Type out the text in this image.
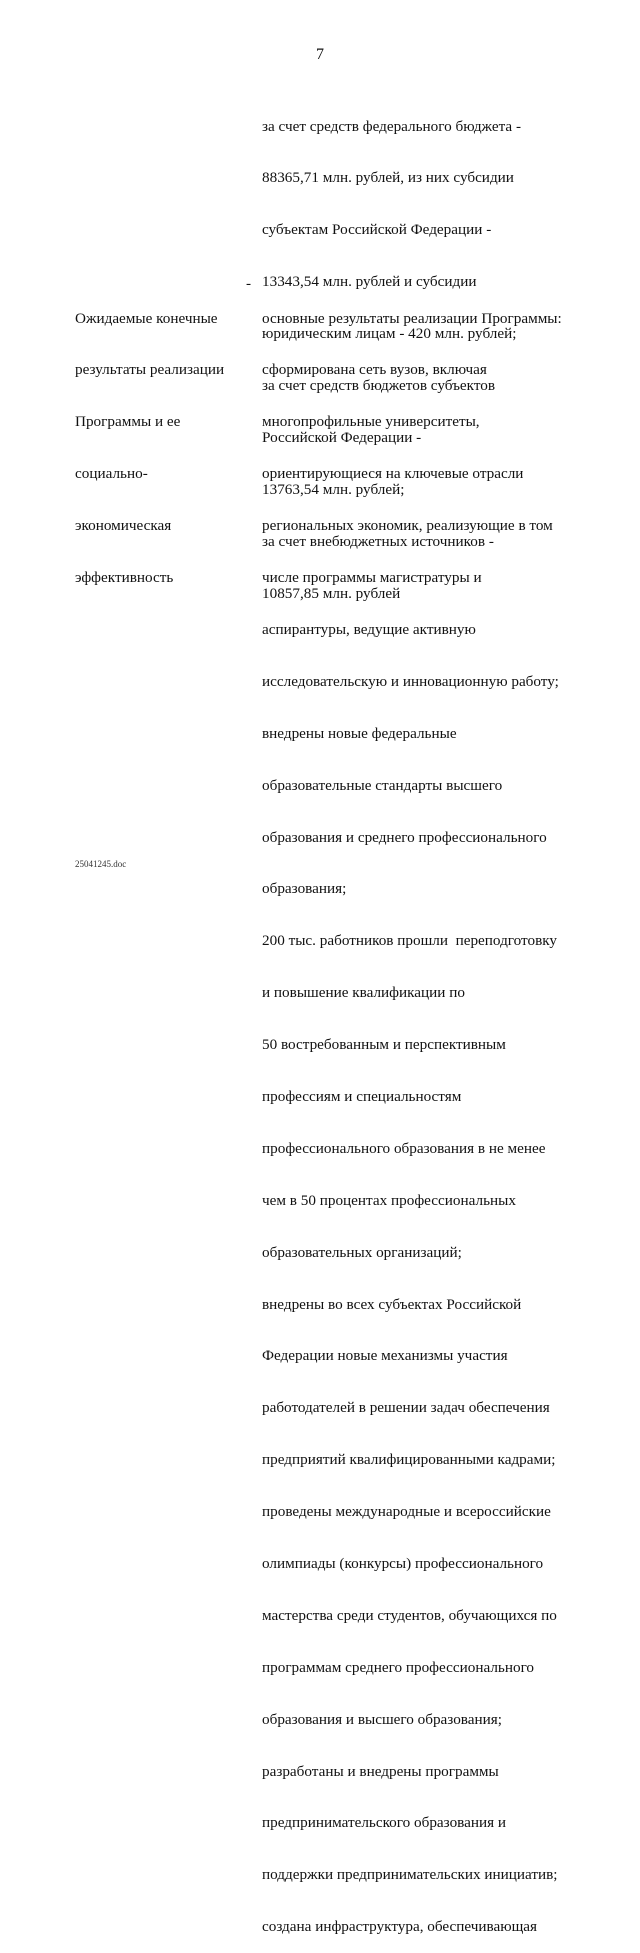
7

за счет средств федерального бюджета -

88365,71 млн. рублей, из них субсидии

субъектам Российской Федерации -

13343,54 млн. рублей и субсидии

юридическим лицам - 420 млн. рублей;

за счет средств бюджетов субъектов

Российской Федерации -

13763,54 млн. рублей;

за счет внебюджетных источников -

10857,85 млн. рублей

Ожидаемые конечные

результаты реализации

Программы и ее

социально-

экономическая

эффективность

-

основные результаты реализации Программы:

сформирована сеть вузов, включая

многопрофильные университеты,

ориентирующиеся на ключевые отрасли

региональных экономик, реализующие в том

числе программы магистратуры и

аспирантуры, ведущие активную

исследовательскую и инновационную работу;

внедрены новые федеральные

образовательные стандарты высшего

образования и среднего профессионального

образования;

200 тыс. работников прошли  переподготовку

и повышение квалификации по

50 востребованным и перспективным

профессиям и специальностям

профессионального образования в не менее

чем в 50 процентах профессиональных

образовательных организаций;

внедрены во всех субъектах Российской

Федерации новые механизмы участия

работодателей в решении задач обеспечения

предприятий квалифицированными кадрами;

проведены международные и всероссийские

олимпиады (конкурсы) профессионального

мастерства среди студентов, обучающихся по

программам среднего профессионального

образования и высшего образования;

разработаны и внедрены программы

предпринимательского образования и

поддержки предпринимательских инициатив;

создана инфраструктура, обеспечивающая

25041245.doc
